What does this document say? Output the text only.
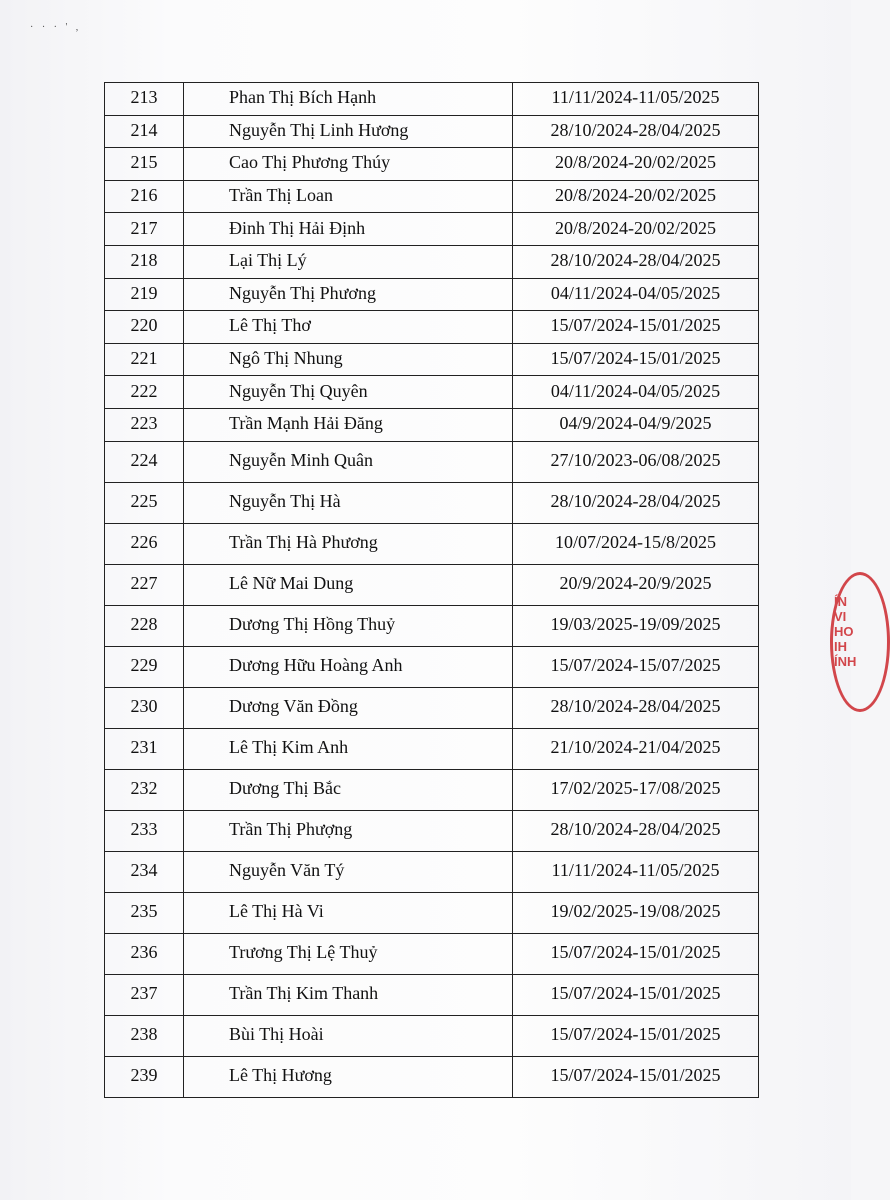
· · · ' ,
213	Phan Thị Bích Hạnh	11/11/2024-11/05/2025
214	Nguyễn Thị Linh Hương	28/10/2024-28/04/2025
215	Cao Thị Phương Thúy	20/8/2024-20/02/2025
216	Trần Thị Loan	20/8/2024-20/02/2025
217	Đinh Thị Hải Định	20/8/2024-20/02/2025
218	Lại Thị Lý	28/10/2024-28/04/2025
219	Nguyễn Thị Phương	04/11/2024-04/05/2025
220	Lê Thị Thơ	15/07/2024-15/01/2025
221	Ngô Thị Nhung	15/07/2024-15/01/2025
222	Nguyễn Thị Quyên	04/11/2024-04/05/2025
223	Trần Mạnh Hải Đăng	04/9/2024-04/9/2025
224	Nguyễn Minh Quân	27/10/2023-06/08/2025
225	Nguyễn Thị Hà	28/10/2024-28/04/2025
226	Trần Thị Hà Phương	10/07/2024-15/8/2025
227	Lê Nữ Mai Dung	20/9/2024-20/9/2025
228	Dương Thị Hồng Thuỷ	19/03/2025-19/09/2025
229	Dương Hữu Hoàng Anh	15/07/2024-15/07/2025
230	Dương Văn Đồng	28/10/2024-28/04/2025
231	Lê Thị Kim Anh	21/10/2024-21/04/2025
232	Dương Thị Bắc	17/02/2025-17/08/2025
233	Trần Thị Phượng	28/10/2024-28/04/2025
234	Nguyễn Văn Tý	11/11/2024-11/05/2025
235	Lê Thị Hà Vi	19/02/2025-19/08/2025
236	Trương Thị Lệ Thuỷ	15/07/2024-15/01/2025
237	Trần Thị Kim Thanh	15/07/2024-15/01/2025
238	Bùi Thị Hoài	15/07/2024-15/01/2025
239	Lê Thị Hương	15/07/2024-15/01/2025
ÍN
VI
HO
IH
ÍNH
